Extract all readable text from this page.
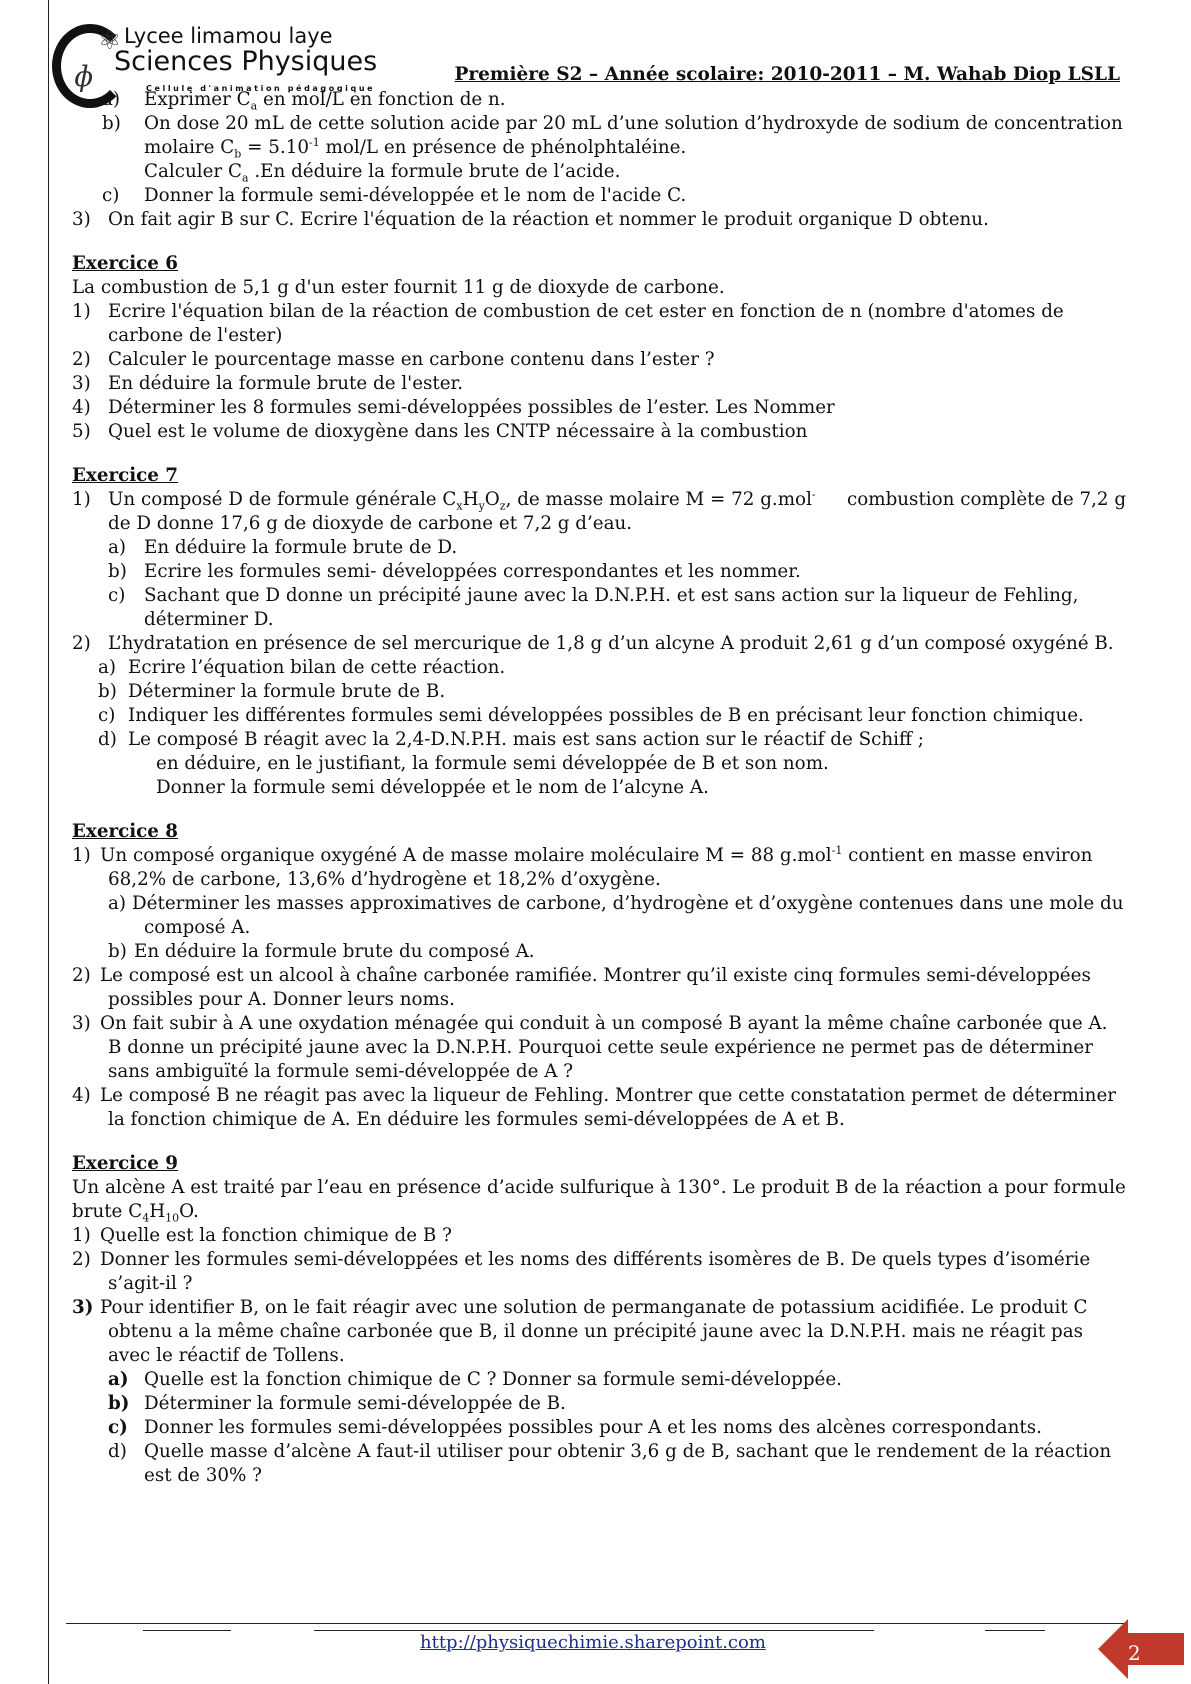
⚛
ɸ
Lycee limamou laye
Sciences Physiques
Cellule d'animation pédagogique
Première S2 – Année scolaire: 2010-2011 – M. Wahab Diop LSLL
a) Exprimer $C_a$ en mol/L en fonction de n.
b) On dose 20 mL de cette solution acide par 20 mL d’une solution d’hydroxyde de sodium de concentration
molaire $C_b = 5.10^{-1}$ mol/L en présence de phénolphtaléine.
Calculer $C_a$ .En déduire la formule brute de l’acide.
c) Donner la formule semi-développée et le nom de l'acide C.
3) On fait agir B sur C. Ecrire l'équation de la réaction et nommer le produit organique D obtenu.
Exercice 6
La combustion de 5,1 g d'un ester fournit 11 g de dioxyde de carbone.
1) Ecrire l'équation bilan de la réaction de combustion de cet ester en fonction de n (nombre d'atomes de
carbone de l'ester)
2) Calculer le pourcentage masse en carbone contenu dans l’ester ?
3) En déduire la formule brute de l'ester.
4) Déterminer les 8 formules semi-développées possibles de l’ester. Les Nommer
5) Quel est le volume de dioxygène dans les CNTP nécessaire à la combustion
Exercice 7
1) Un composé D de formule générale $C_xH_yO_z$, de masse molaire M = 72 g.mol- combustion complète de 7,2 g
de D donne 17,6 g de dioxyde de carbone et 7,2 g d’eau.
a) En déduire la formule brute de D.
b) Ecrire les formules semi- développées correspondantes et les nommer.
c) Sachant que D donne un précipité jaune avec la D.N.P.H. et est sans action sur la liqueur de Fehling,
déterminer D.
2) L’hydratation en présence de sel mercurique de 1,8 g d’un alcyne A produit 2,61 g d’un composé oxygéné B.
a) Ecrire l’équation bilan de cette réaction.
b) Déterminer la formule brute de B.
c) Indiquer les différentes formules semi développées possibles de B en précisant leur fonction chimique.
d) Le composé B réagit avec la 2,4-D.N.P.H. mais est sans action sur le réactif de Schiff ;
en déduire, en le justifiant, la formule semi développée de B et son nom.
Donner la formule semi développée et le nom de l’alcyne A.
Exercice 8
1) Un composé organique oxygéné A de masse molaire moléculaire M = 88 g.mol$^{-1}$ contient en masse environ
68,2% de carbone, 13,6% d’hydrogène et 18,2% d’oxygène.
a) Déterminer les masses approximatives de carbone, d’hydrogène et d’oxygène contenues dans une mole du
composé A.
b) En déduire la formule brute du composé A.
2) Le composé est un alcool à chaîne carbonée ramifiée. Montrer qu’il existe cinq formules semi-développées
possibles pour A. Donner leurs noms.
3) On fait subir à A une oxydation ménagée qui conduit à un composé B ayant la même chaîne carbonée que A.
B donne un précipité jaune avec la D.N.P.H. Pourquoi cette seule expérience ne permet pas de déterminer
sans ambiguïté la formule semi-développée de A ?
4) Le composé B ne réagit pas avec la liqueur de Fehling. Montrer que cette constatation permet de déterminer
la fonction chimique de A. En déduire les formules semi-développées de A et B.
Exercice 9
Un alcène A est traité par l’eau en présence d’acide sulfurique à 130°. Le produit B de la réaction a pour formule
brute $C_4H_{10}O$.
1) Quelle est la fonction chimique de B ?
2) Donner les formules semi-développées et les noms des différents isomères de B. De quels types d’isomérie
s’agit-il ?
3) Pour identifier B, on le fait réagir avec une solution de permanganate de potassium acidifiée. Le produit C
obtenu a la même chaîne carbonée que B, il donne un précipité jaune avec la D.N.P.H. mais ne réagit pas
avec le réactif de Tollens.
a) Quelle est la fonction chimique de C ? Donner sa formule semi-développée.
b) Déterminer la formule semi-développée de B.
c) Donner les formules semi-développées possibles pour A et les noms des alcènes correspondants.
d) Quelle masse d’alcène A faut-il utiliser pour obtenir 3,6 g de B, sachant que le rendement de la réaction
est de 30% ?
http://physiquechimie.sharepoint.com	2
